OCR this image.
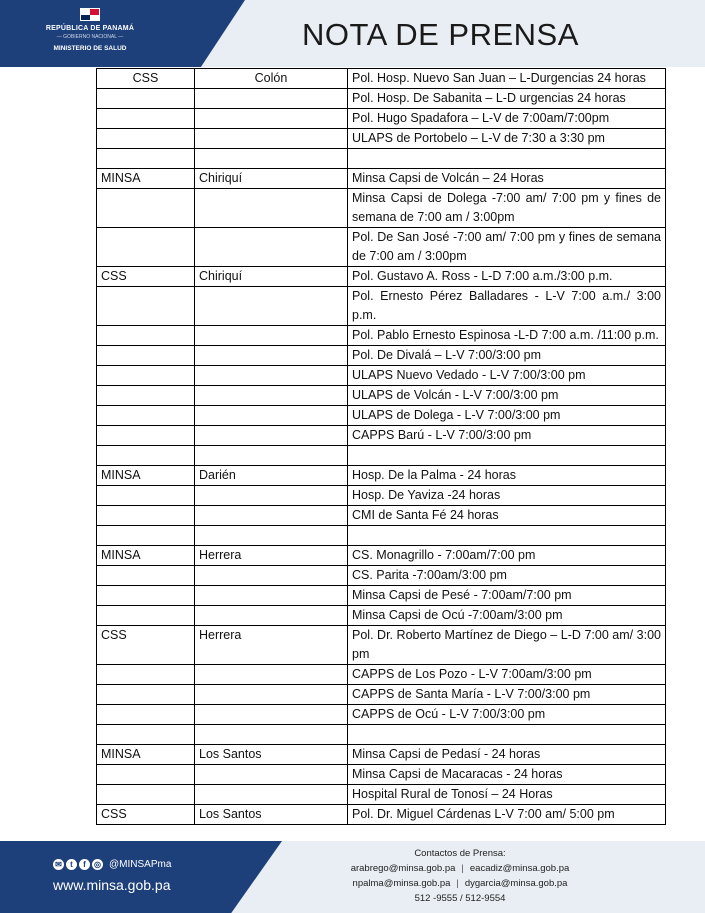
REPÚBLICA DE PANAMÁ
— GOBIERNO NACIONAL —
MINISTERIO DE SALUD	NOTA DE PRENSA
CSS	Colón	Pol. Hosp. Nuevo San Juan – L-Durgencias 24 horas
		Pol. Hosp. De Sabanita – L-D urgencias 24 horas
		Pol. Hugo Spadafora – L-V de 7:00am/7:00pm
		ULAPS de Portobelo – L-V de 7:30 a 3:30 pm

MINSA	Chiriquí	Minsa Capsi de Volcán – 24 Horas
		Minsa Capsi de Dolega -7:00 am/ 7:00 pm y fines de semana de 7:00 am / 3:00pm
		Pol. De San José -7:00 am/ 7:00 pm y fines de semana de 7:00 am / 3:00pm
CSS	Chiriquí	Pol. Gustavo A. Ross - L-D 7:00 a.m./3:00 p.m.
		Pol. Ernesto Pérez Balladares - L-V 7:00 a.m./ 3:00 p.m.
		Pol. Pablo Ernesto Espinosa -L-D 7:00 a.m. /11:00 p.m.
		Pol. De Divalá – L-V 7:00/3:00 pm
		ULAPS Nuevo Vedado - L-V 7:00/3:00 pm
		ULAPS de Volcán - L-V 7:00/3:00 pm
		ULAPS de Dolega - L-V 7:00/3:00 pm
		CAPPS Barú - L-V 7:00/3:00 pm

MINSA	Darién	Hosp. De la Palma - 24 horas
		Hosp. De Yaviza -24 horas
		CMI de Santa Fé 24 horas

MINSA	Herrera	CS. Monagrillo - 7:00am/7:00 pm
		CS. Parita -7:00am/3:00 pm
		Minsa Capsi de Pesé - 7:00am/7:00 pm
		Minsa Capsi de Ocú -7:00am/3:00 pm
CSS	Herrera	Pol. Dr. Roberto Martínez de Diego – L-D 7:00 am/ 3:00 pm
		CAPPS de Los Pozo - L-V 7:00am/3:00 pm
		CAPPS de Santa María - L-V 7:00/3:00 pm
		CAPPS de Ocú - L-V 7:00/3:00 pm

MINSA	Los Santos	Minsa Capsi de Pedasí - 24 horas
		Minsa Capsi de Macaracas - 24 horas
		Hospital Rural de Tonosí – 24 Horas
CSS	Los Santos	Pol. Dr. Miguel Cárdenas L-V 7:00 am/ 5:00 pm
✉	t	f	◎ @MINSAPma
www.minsa.gob.pa
Contactos de Prensa:
arabrego@minsa.gob.pa | eacadiz@minsa.gob.pa
npalma@minsa.gob.pa | dygarcia@minsa.gob.pa
512 -9555 / 512-9554
